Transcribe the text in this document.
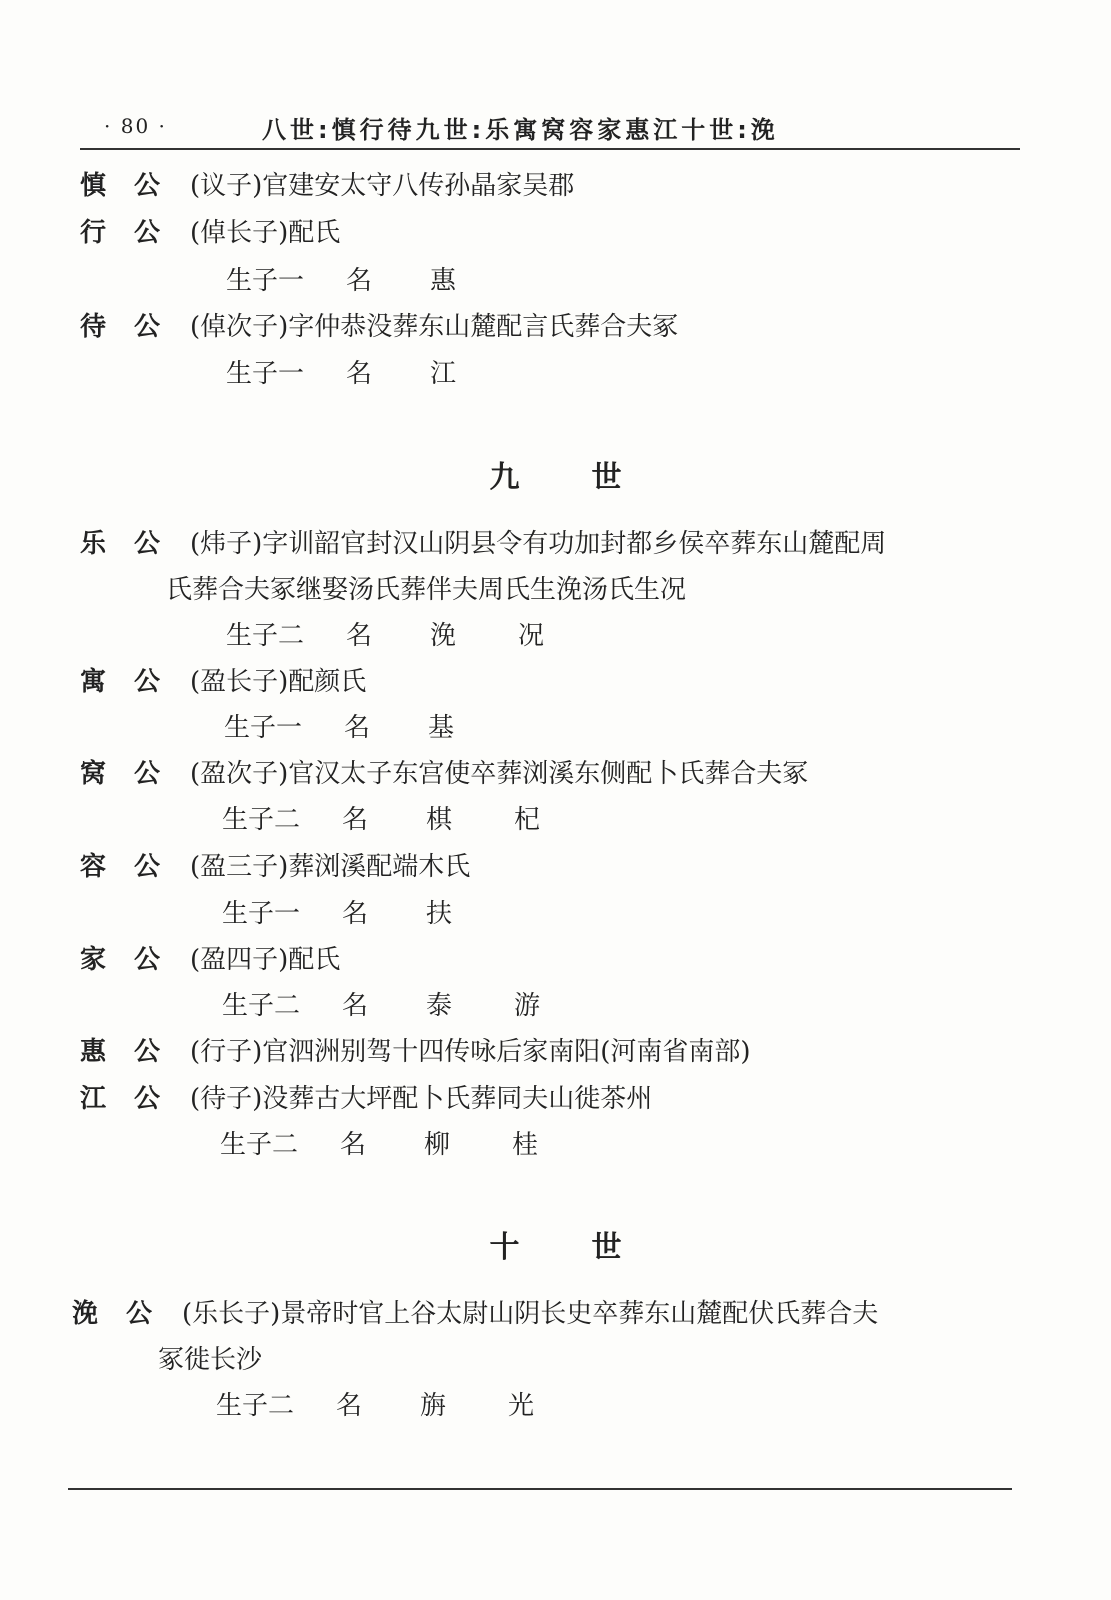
· 80 ·	八世:慎行待九世:乐寓窝容家惠江十世:浼
慎公(议子)官建安太守八传孙晶家吴郡
行公(倬长子)配氏
生子一 名 惠
待公(倬次子)字仲恭没葬东山麓配言氏葬合夫冢
生子一 名 江
九世
乐公(炜子)字训韶官封汉山阴县令有功加封都乡侯卒葬东山麓配周
氏葬合夫冢继娶汤氏葬伴夫周氏生浼汤氏生况
生子二 名 浼 况
寓公(盈长子)配颜氏
生子一 名 基
窝公(盈次子)官汉太子东宫使卒葬浏溪东侧配卜氏葬合夫冢
生子二 名 棋 杞
容公(盈三子)葬浏溪配端木氏
生子一 名 扶
家公(盈四子)配氏
生子二 名 泰 游
惠公(行子)官泗洲别驾十四传咏后家南阳(河南省南部)
江公(待子)没葬古大坪配卜氏葬同夫山徙茶州
生子二 名 柳 桂
十世
浼公(乐长子)景帝时官上谷太尉山阴长史卒葬东山麓配伏氏葬合夫
冢徙长沙
生子二 名 旃 光
